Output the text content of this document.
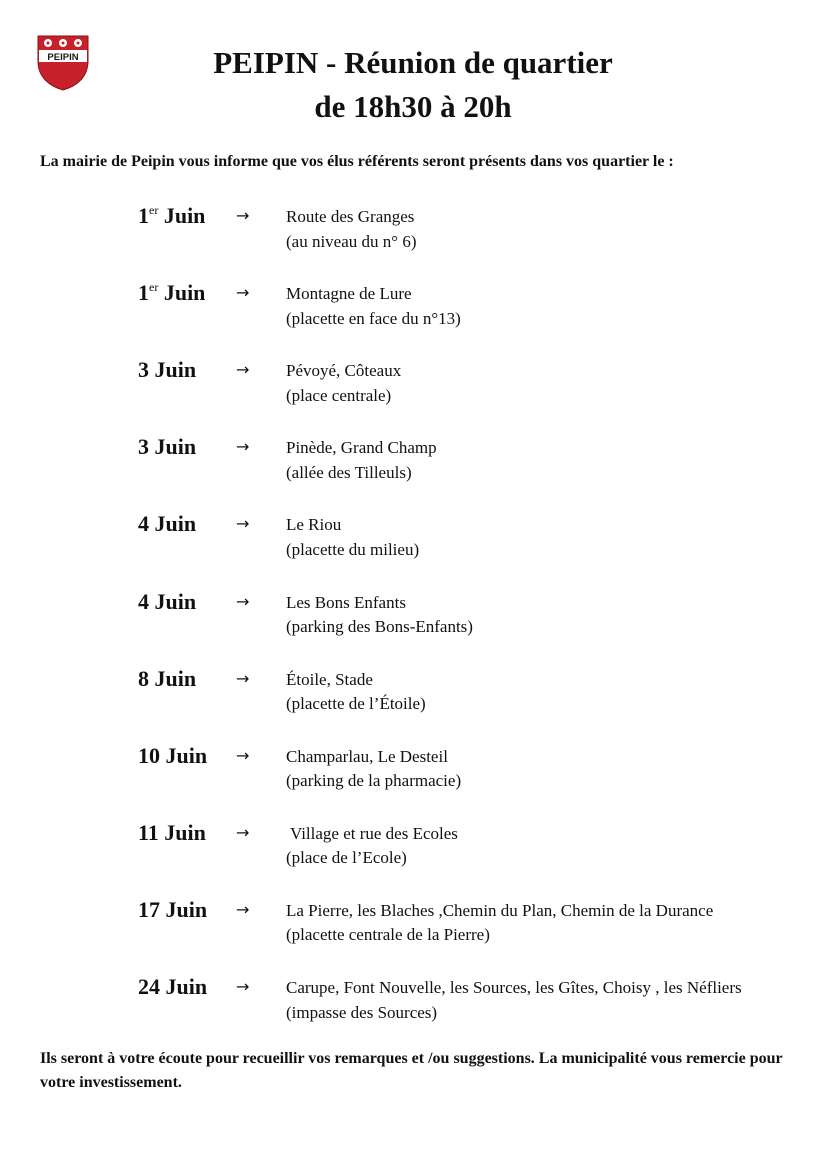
PEIPIN	PEIPIN - Réunion de quartier
de 18h30 à 20h
La mairie de Peipin vous informe que vos élus référents seront présents dans vos quartier le :
1er Juin → Route des Granges
(au niveau du n° 6)
1er Juin → Montagne de Lure
(placette en face du n°13)
3 Juin → Pévoyé, Côteaux
(place centrale)
3 Juin → Pinède, Grand Champ
(allée des Tilleuls)
4 Juin → Le Riou
(placette du milieu)
4 Juin → Les Bons Enfants
(parking des Bons-Enfants)
8 Juin → Étoile, Stade
(placette de l’Étoile)
10 Juin → Champarlau, Le Desteil
(parking de la pharmacie)
11 Juin → Village et rue des Ecoles
(place de l’Ecole)
17 Juin → La Pierre, les Blaches ,Chemin du Plan, Chemin de la Durance
(placette centrale de la Pierre)
24 Juin → Carupe, Font Nouvelle, les Sources, les Gîtes, Choisy , les Néfliers
(impasse des Sources)
Ils seront à votre écoute pour recueillir vos remarques et /ou suggestions. La municipalité vous remercie pour votre investissement.
